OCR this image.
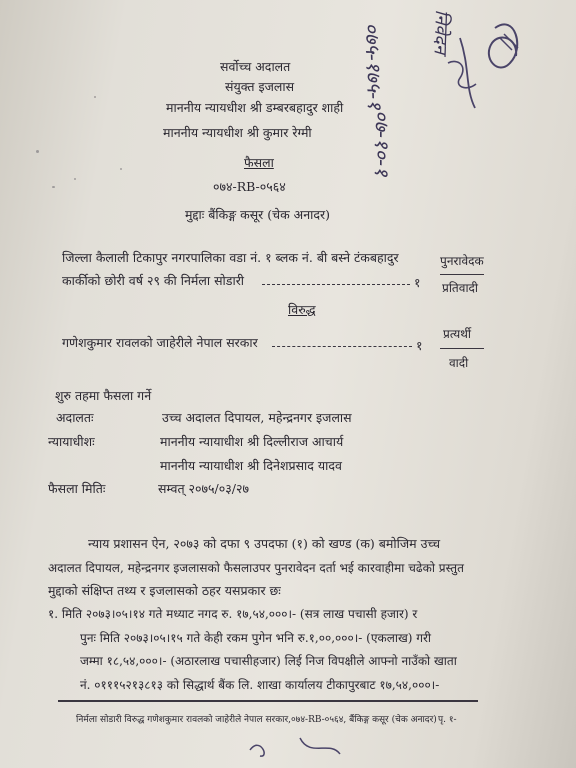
०७५-१७५-१
०७-१०-१
निवेदन
सर्वोच्च अदालत
संयुक्त इजलास
माननीय न्यायधीश श्री डम्बरबहादुर शाही
माननीय न्यायधीश श्री कुमार रेग्मी
फैसला
०७४-RB-०५६४
मुद्दाः बैंकिङ्ग कसूर (चेक अनादर)
जिल्ला कैलाली टिकापुर नगरपालिका वडा नं. १ ब्लक नं. बी बस्ने टंकबहादुर
कार्कीको छोरी वर्ष २९ की निर्मला सोडारी	१
पुनरावेदक
प्रतिवादी
विरुद्ध
गणेशकुमार रावलको जाहेरीले नेपाल सरकार	१
प्रत्यर्थी
वादी
शुरु तहमा फैसला गर्ने
अदालतः	उच्च अदालत दिपायल, महेन्द्रनगर इजलास
न्यायाधीशः	माननीय न्यायाधीश श्री दिल्लीराज आचार्य
माननीय न्यायाधीश श्री दिनेशप्रसाद यादव
फैसला मितिः	सम्वत् २०७५/०३/२७
न्याय प्रशासन ऐन, २०७३ को दफा ९ उपदफा (१) को खण्ड (क) बमोजिम उच्च
अदालत दिपायल, महेन्द्रनगर इजलासको फैसलाउपर पुनरावेदन दर्ता भई कारवाहीमा चढेको प्रस्तुत
मुद्दाको संक्षिप्त तथ्य र इजलासको ठहर यसप्रकार छः
१. मिति २०७३।०५।१४ गते मध्याट नगद रु. १७,५४,०००।- (सत्र लाख पचासी हजार) र
पुनः मिति २०७३।०५।१५ गते केही रकम पुगेन भनि रु.१,००,०००।- (एकलाख) गरी
जम्मा १८,५४,०००।- (अठारलाख पचासीहजार) लिई निज विपक्षीले आफ्नो नाउँको खाता
नं. ०१११५२१३८१३ को सिद्धार्थ बैंक लि. शाखा कार्यालय टीकापुरबाट १७,५४,०००।-
निर्मला सोडारी विरुद्ध गणेशकुमार रावलको जाहेरीले नेपाल सरकार,०७४-RB-०५६४, बैंकिङ्ग कसूर (चेक अनादर) पृ. १-
